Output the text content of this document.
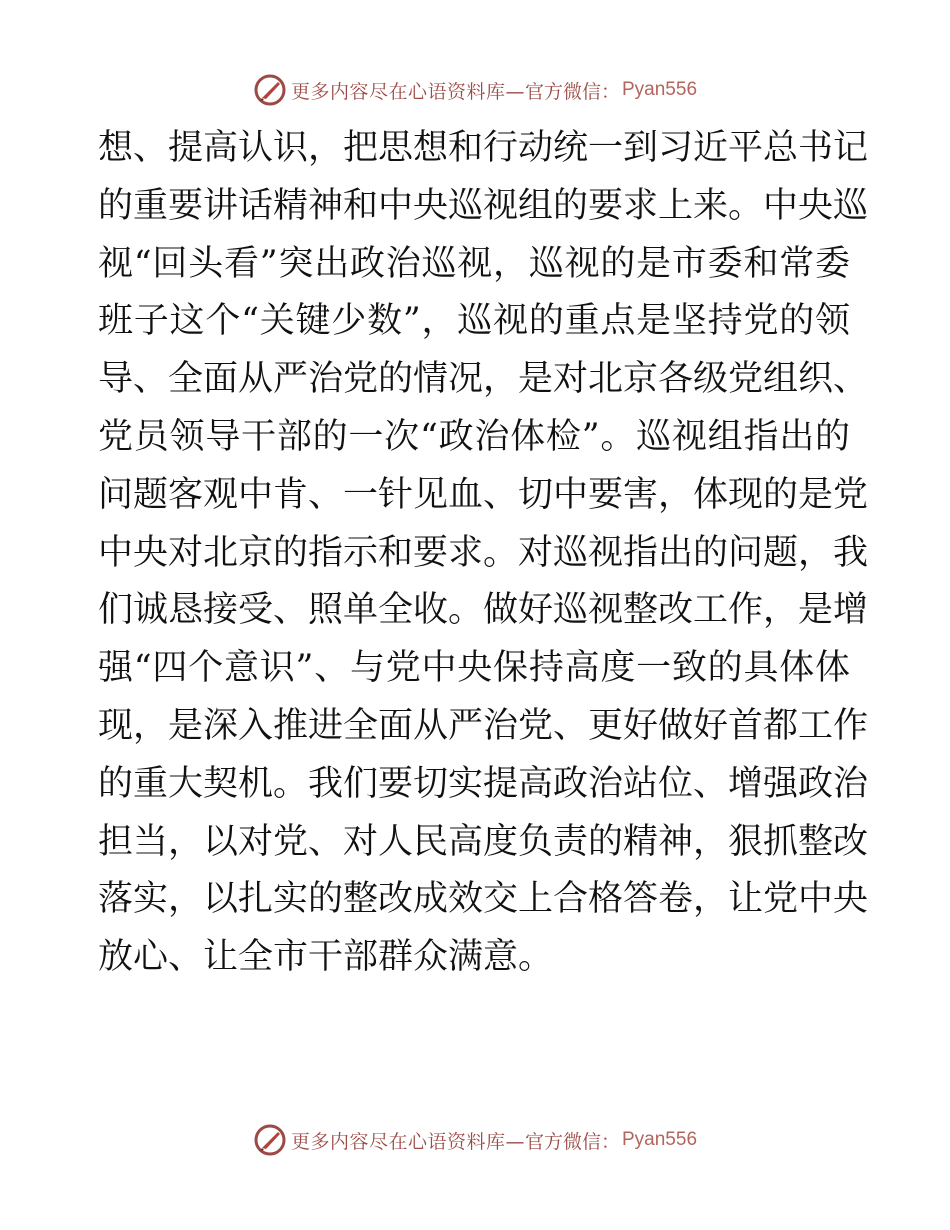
更多内容尽在心语资料库— 官方微信： Pyan556
想、提高认识，把思想和行动统一到习近平总书记
的重要讲话精神和中央巡视组的要求上来。中央巡
视“回头看”突出政治巡视，巡视的是市委和常委
班子这个“关键少数”，巡视的重点是坚持党的领
导、全面从严治党的情况，是对北京各级党组织、
党员领导干部的一次“政治体检”。巡视组指出的
问题客观中肯、一针见血、切中要害，体现的是党
中央对北京的指示和要求。对巡视指出的问题，我
们诚恳接受、照单全收。做好巡视整改工作，是增
强“四个意识”、与党中央保持高度一致的具体体
现，是深入推进全面从严治党、更好做好首都工作
的重大契机。我们要切实提高政治站位、增强政治
担当，以对党、对人民高度负责的精神，狠抓整改
落实，以扎实的整改成效交上合格答卷，让党中央
放心、让全市干部群众满意。
更多内容尽在心语资料库— 官方微信： Pyan556
